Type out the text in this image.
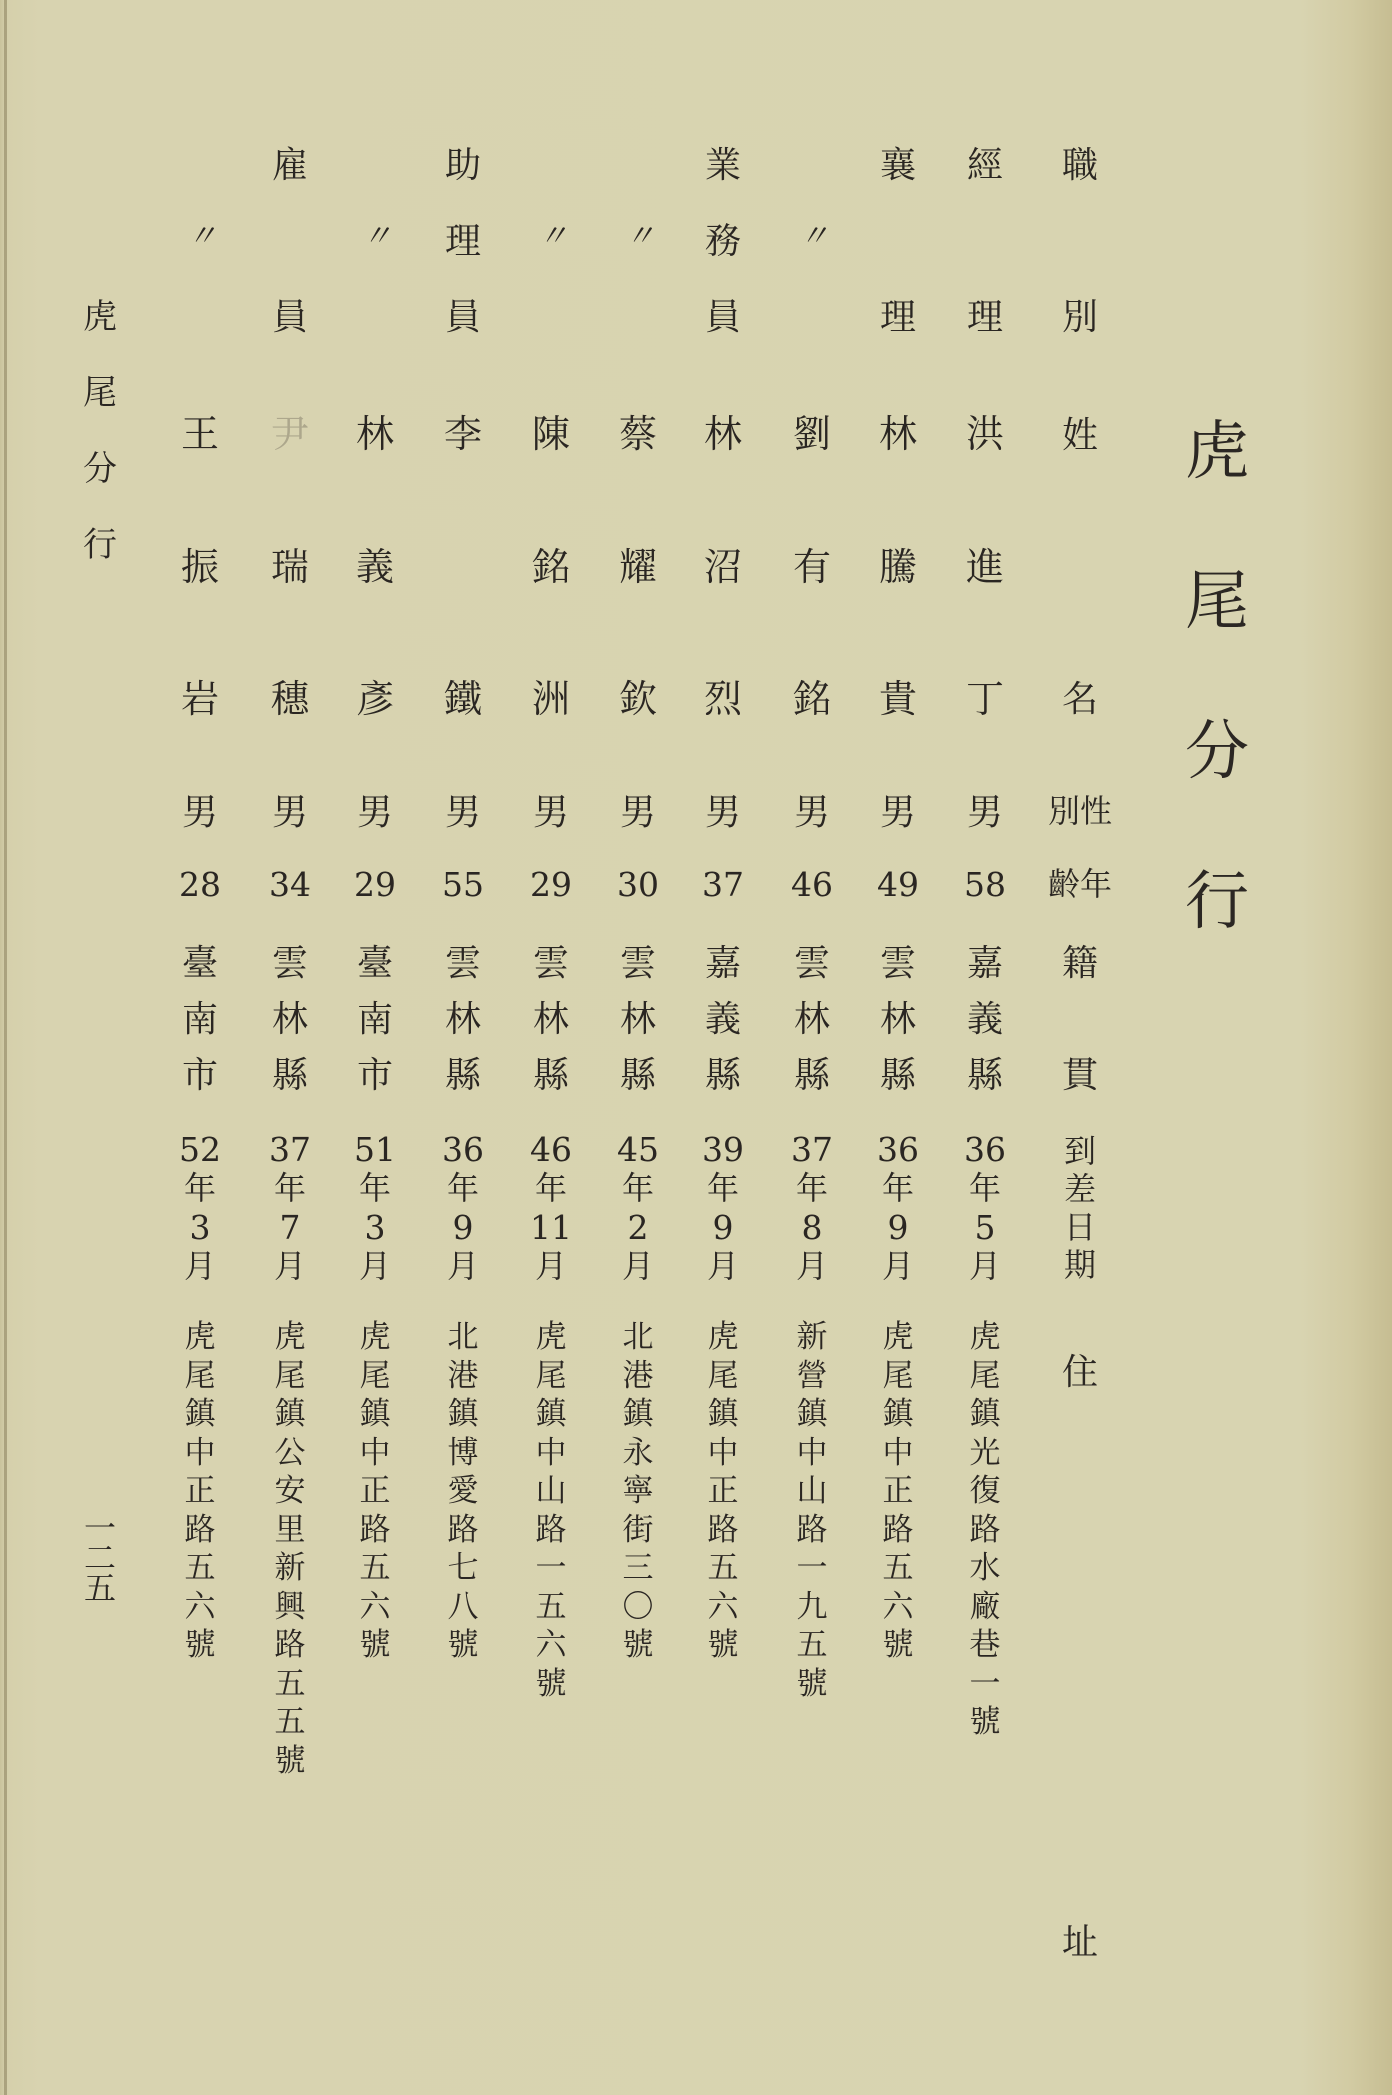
虎
尾
分
行
職
別
姓
名
別性
齡年
籍
貫
到
差
日
期
住
址
經
理
洪
進
丁
男
58
嘉
義
縣
36
年
5
月
虎
尾
鎮
光
復
路
水
廠
巷
一
號
襄
理
林
騰
貴
男
49
雲
林
縣
36
年
9
月
虎
尾
鎮
中
正
路
五
六
號
〃
劉
有
銘
男
46
雲
林
縣
37
年
8
月
新
營
鎮
中
山
路
一
九
五
號
業
務
員
林
沼
烈
男
37
嘉
義
縣
39
年
9
月
虎
尾
鎮
中
正
路
五
六
號
〃
蔡
耀
欽
男
30
雲
林
縣
45
年
2
月
北
港
鎮
永
寧
街
三
〇
號
〃
陳
銘
洲
男
29
雲
林
縣
46
年
11
月
虎
尾
鎮
中
山
路
一
五
六
號
助
理
員
李
鐵
男
55
雲
林
縣
36
年
9
月
北
港
鎮
博
愛
路
七
八
號
〃
林
義
彥
男
29
臺
南
市
51
年
3
月
虎
尾
鎮
中
正
路
五
六
號
雇
員
尹
瑞
穗
男
34
雲
林
縣
37
年
7
月
虎
尾
鎮
公
安
里
新
興
路
五
五
號
〃
王
振
岩
男
28
臺
南
市
52
年
3
月
虎
尾
鎮
中
正
路
五
六
號
虎
尾
分
行
一
二
五
